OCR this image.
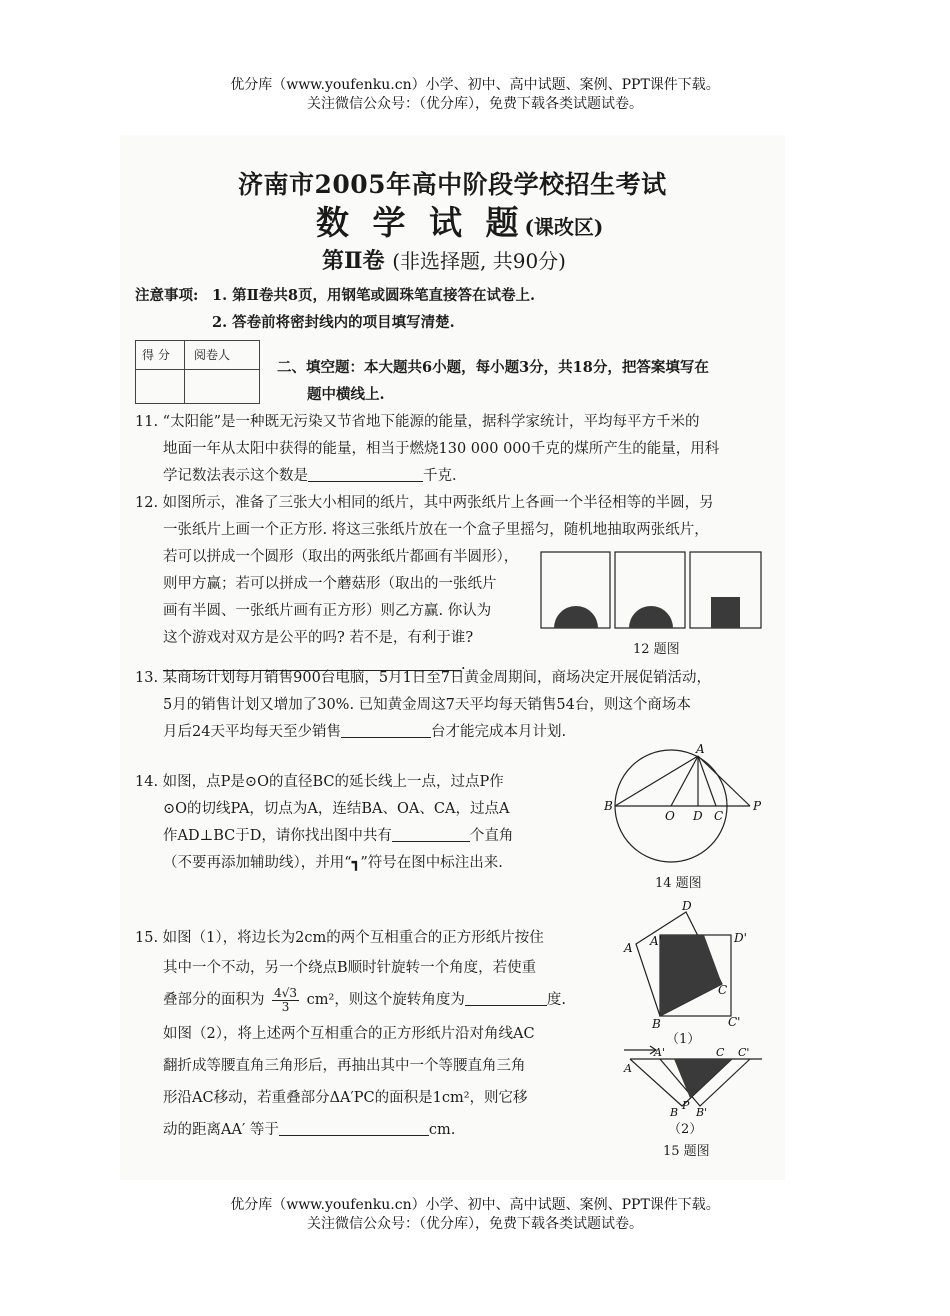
优分库（www.youfenku.cn）小学、初中、高中试题、案例、PPT课件下载。
关注微信公众号：（优分库），免费下载各类试题试卷。
济南市2005年高中阶段学校招生考试
数 学 试 题(课改区)
第Ⅱ卷 (非选择题, 共90分)
注意事项: 1. 第Ⅱ卷共8页，用钢笔或圆珠笔直接答在试卷上.
2. 答卷前将密封线内的项目填写清楚.
得 分 阅卷人
二、填空题：本大题共6小题，每小题3分，共18分，把答案填写在
题中横线上.
11. “太阳能”是一种既无污染又节省地下能源的能量，据科学家统计，平均每平方千米的
地面一年从太阳中获得的能量，相当于燃烧130 000 000千克的煤所产生的能量，用科
学记数法表示这个数是	千克.
12. 如图所示，准备了三张大小相同的纸片，其中两张纸片上各画一个半径相等的半圆，另
一张纸片上画一个正方形. 将这三张纸片放在一个盒子里摇匀，随机地抽取两张纸片，
若可以拼成一个圆形（取出的两张纸片都画有半圆形），
则甲方赢；若可以拼成一个蘑菇形（取出的一张纸片
画有半圆、一张纸片画有正方形）则乙方赢. 你认为
这个游戏对双方是公平的吗? 若不是，有利于谁?
.
12 题图
13. 某商场计划每月销售900台电脑，5月1日至7日黄金周期间，商场决定开展促销活动，
5月的销售计划又增加了30%. 已知黄金周这7天平均每天销售54台，则这个商场本
月后24天平均每天至少销售	台才能完成本月计划.
14. 如图，点P是⊙O的直径BC的延长线上一点，过点P作
⊙O的切线PA，切点为A，连结BA、OA、CA，过点A
作AD⊥BC于D，请你找出图中共有	个直角
（不要再添加辅助线），并用“┓”符号在图中标注出来.
A
B
O D C
P
14 题图
15. 如图（1），将边长为2cm的两个互相重合的正方形纸片按住
其中一个不动，另一个绕点B顺时针旋转一个角度，若使重
叠部分的面积为 $\frac{4√3}{3} cm^2$，则这个旋转角度为	度.
如图（2），将上述两个互相重合的正方形纸片沿对角线AC
翻折成等腰直角三角形后，再抽出其中一个等腰直角三角
形沿AC移动，若重叠部分ΔA′PC的面积是1cm²，则它移
动的距离AA′ 等于	cm.
D
A A'	D'
C
B	C'
（1）
A'	C C'
A
B
P
B'
（2）
15 题图
优分库（www.youfenku.cn）小学、初中、高中试题、案例、PPT课件下载。
关注微信公众号：（优分库），免费下载各类试题试卷。
